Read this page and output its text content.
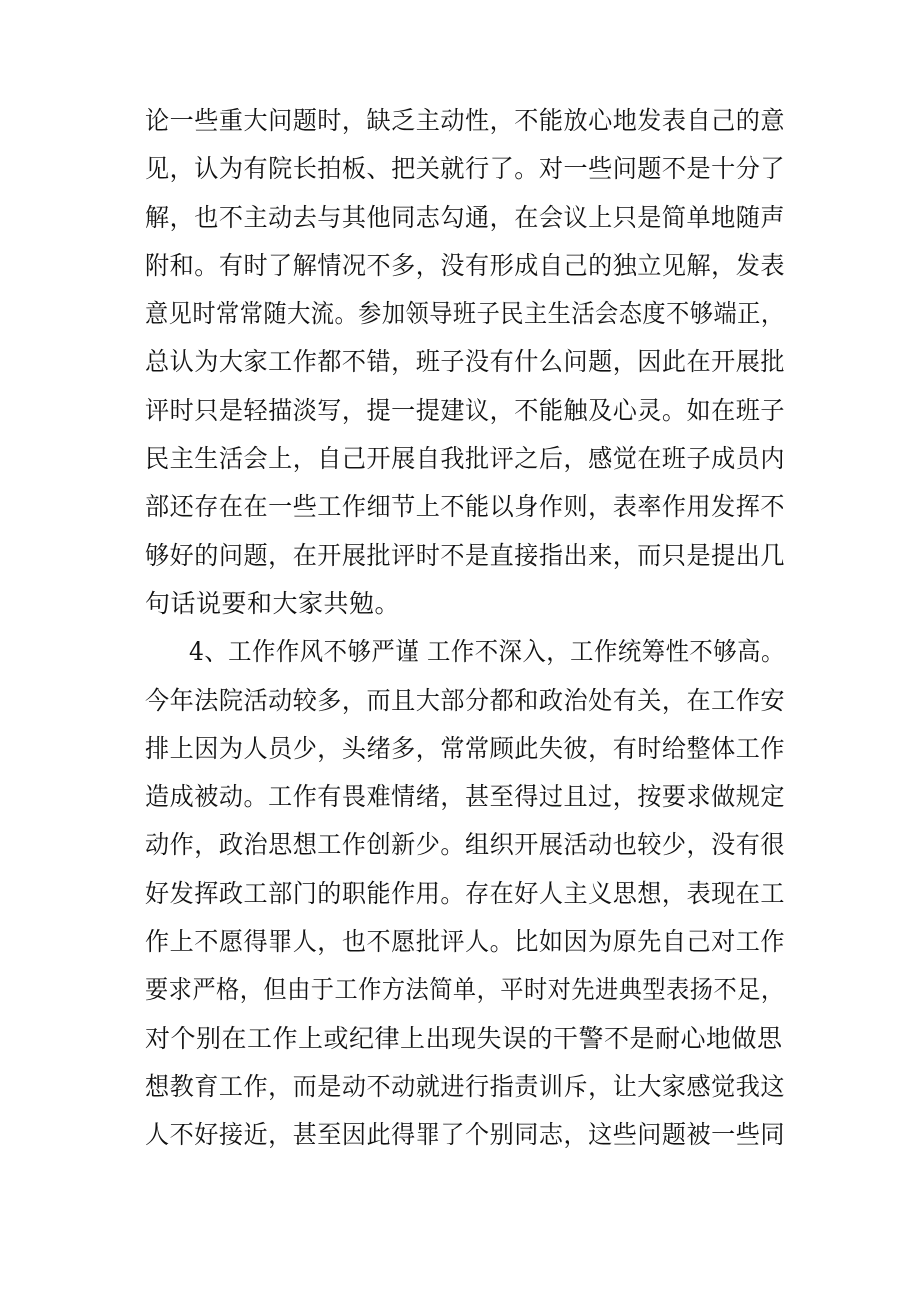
论一些重大问题时，缺乏主动性，不能放心地发表自己的意
见，认为有院长拍板、把关就行了。对一些问题不是十分了
解，也不主动去与其他同志勾通，在会议上只是简单地随声
附和。有时了解情况不多，没有形成自己的独立见解，发表
意见时常常随大流。参加领导班子民主生活会态度不够端正，
总认为大家工作都不错，班子没有什么问题，因此在开展批
评时只是轻描淡写，提一提建议，不能触及心灵。如在班子
民主生活会上，自己开展自我批评之后，感觉在班子成员内
部还存在在一些工作细节上不能以身作则，表率作用发挥不
够好的问题，在开展批评时不是直接指出来，而只是提出几
句话说要和大家共勉。
4、工作作风不够严谨 工作不深入，工作统筹性不够高。
今年法院活动较多，而且大部分都和政治处有关，在工作安
排上因为人员少，头绪多，常常顾此失彼，有时给整体工作
造成被动。工作有畏难情绪，甚至得过且过，按要求做规定
动作，政治思想工作创新少。组织开展活动也较少，没有很
好发挥政工部门的职能作用。存在好人主义思想，表现在工
作上不愿得罪人，也不愿批评人。比如因为原先自己对工作
要求严格，但由于工作方法简单，平时对先进典型表扬不足，
对个别在工作上或纪律上出现失误的干警不是耐心地做思
想教育工作，而是动不动就进行指责训斥，让大家感觉我这
人不好接近，甚至因此得罪了个别同志，这些问题被一些同
